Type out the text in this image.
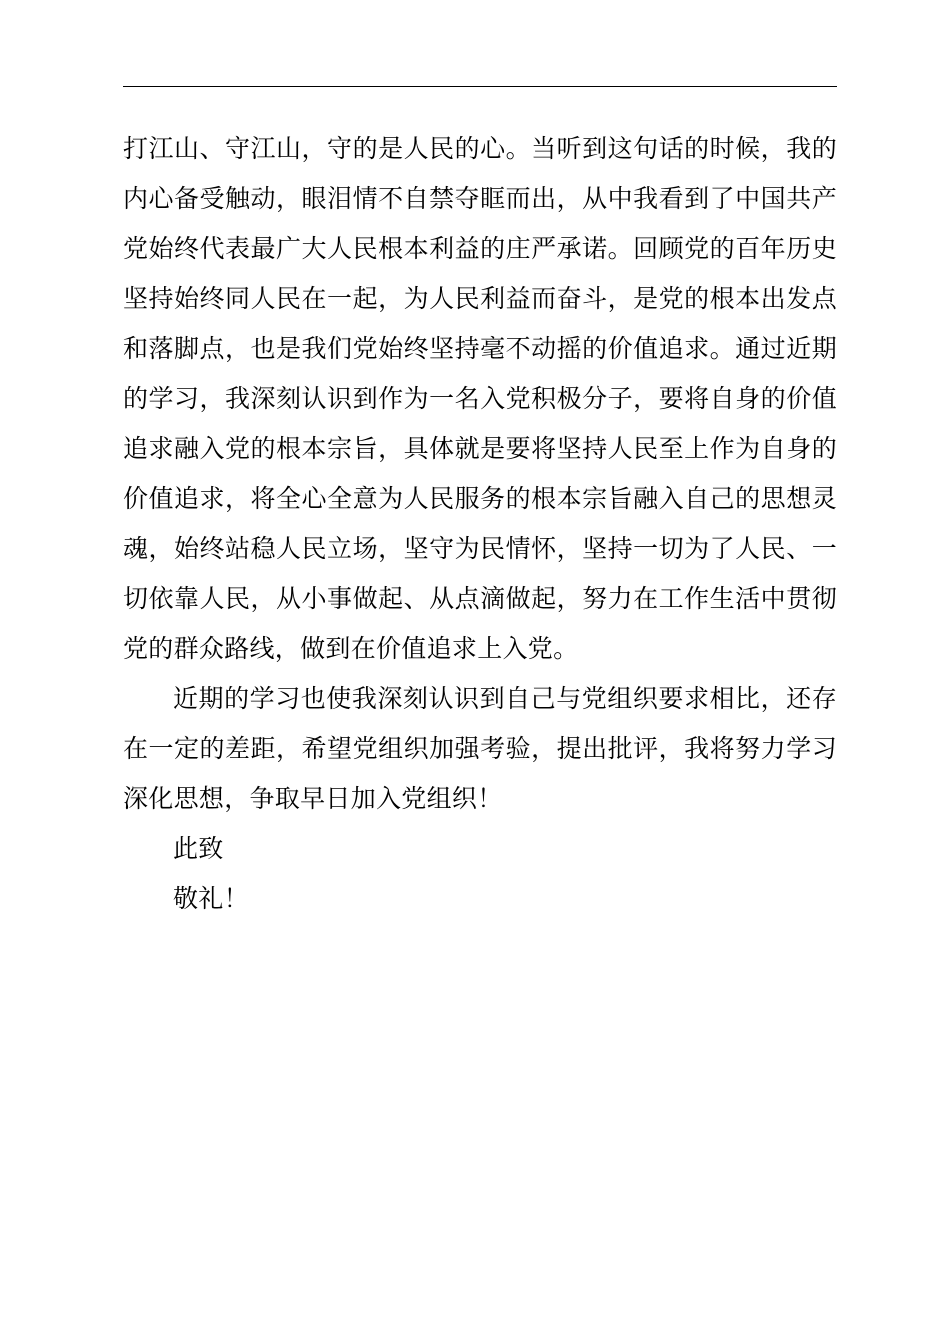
打江山、守江山，守的是人民的心。当听到这句话的时候，我的内心备受触动，眼泪情不自禁夺眶而出，从中我看到了中国共产党始终代表最广大人民根本利益的庄严承诺。回顾党的百年历史坚持始终同人民在一起，为人民利益而奋斗，是党的根本出发点和落脚点，也是我们党始终坚持毫不动摇的价值追求。通过近期的学习，我深刻认识到作为一名入党积极分子，要将自身的价值追求融入党的根本宗旨，具体就是要将坚持人民至上作为自身的价值追求，将全心全意为人民服务的根本宗旨融入自己的思想灵魂，始终站稳人民立场，坚守为民情怀，坚持一切为了人民、一切依靠人民，从小事做起、从点滴做起，努力在工作生活中贯彻党的群众路线，做到在价值追求上入党。

近期的学习也使我深刻认识到自己与党组织要求相比，还存在一定的差距，希望党组织加强考验，提出批评，我将努力学习深化思想，争取早日加入党组织！

此致

敬礼！
